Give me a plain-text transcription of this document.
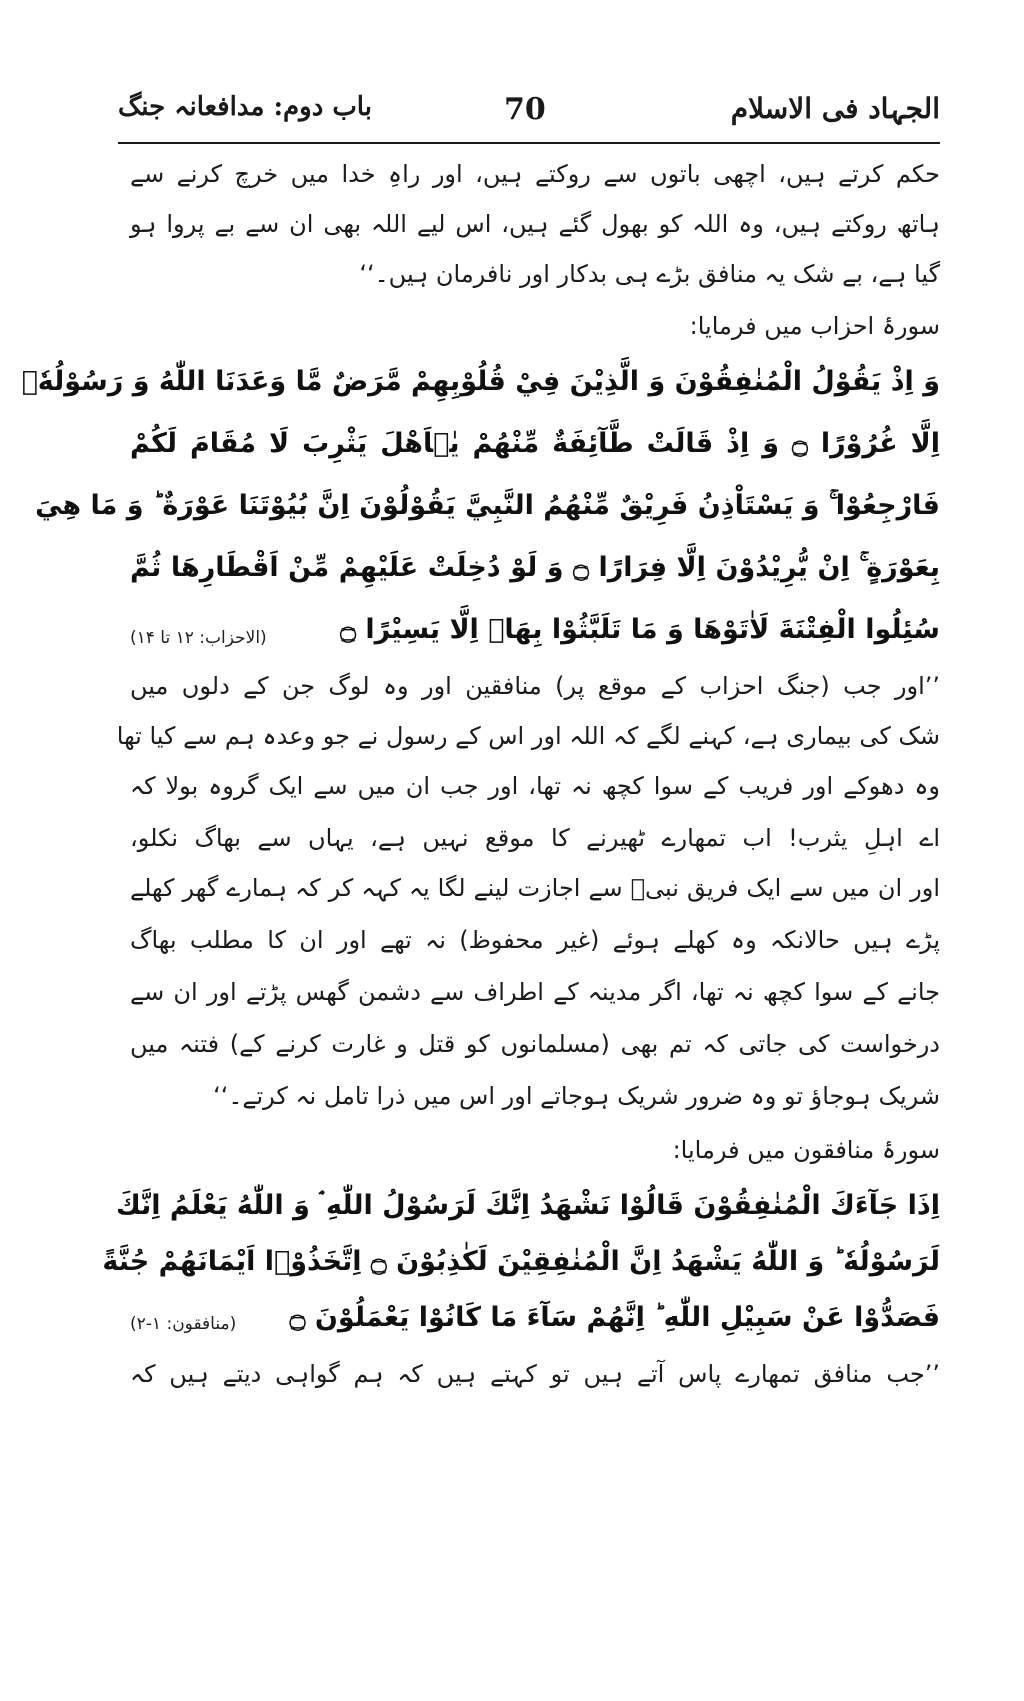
الجہاد فی الاسلام
70
باب دوم: مدافعانہ جنگ
حکم کرتے ہیں، اچھی باتوں سے روکتے ہیں، اور راہِ خدا میں خرچ کرنے سے
ہاتھ روکتے ہیں، وہ اللہ کو بھول گئے ہیں، اس لیے اللہ بھی ان سے بے پروا ہو
گیا ہے، بے شک یہ منافق بڑے ہی بدکار اور نافرمان ہیں۔‘‘
سورۂ احزاب میں فرمایا:
وَ اِذْ يَقُوْلُ الْمُنٰفِقُوْنَ وَ الَّذِيْنَ فِيْ قُلُوْبِهِمْ مَّرَضٌ مَّا وَعَدَنَا اللّٰهُ وَ رَسُوْلُهٗۤ
اِلَّا غُرُوْرًا ۝ وَ اِذْ قَالَتْ طَّآئِفَةٌ مِّنْهُمْ يٰۤاَهْلَ يَثْرِبَ لَا مُقَامَ لَكُمْ
فَارْجِعُوْا ۚ وَ يَسْتَاْذِنُ فَرِيْقٌ مِّنْهُمُ النَّبِيَّ يَقُوْلُوْنَ اِنَّ بُيُوْتَنَا عَوْرَةٌ ؕ وَ مَا هِيَ
بِعَوْرَةٍ ۚ اِنْ يُّرِيْدُوْنَ اِلَّا فِرَارًا ۝ وَ لَوْ دُخِلَتْ عَلَيْهِمْ مِّنْ اَقْطَارِهَا ثُمَّ
سُئِلُوا الْفِتْنَةَ لَاٰتَوْهَا وَ مَا تَلَبَّثُوْا بِهَاۤ اِلَّا يَسِيْرًا ۝
(الاحزاب: ۱۲ تا ۱۴)
’’اور جب (جنگ احزاب کے موقع پر) منافقین اور وہ لوگ جن کے دلوں میں
شک کی بیماری ہے، کہنے لگے کہ اللہ اور اس کے رسول نے جو وعدہ ہم سے کیا تھا
وہ دھوکے اور فریب کے سوا کچھ نہ تھا، اور جب ان میں سے ایک گروہ بولا کہ
اے اہلِ یثرب! اب تمھارے ٹھیرنے کا موقع نہیں ہے، یہاں سے بھاگ نکلو،
اور ان میں سے ایک فریق نبیؐ سے اجازت لینے لگا یہ کہہ کر کہ ہمارے گھر کھلے
پڑے ہیں حالانکہ وہ کھلے ہوئے (غیر محفوظ) نہ تھے اور ان کا مطلب بھاگ
جانے کے سوا کچھ نہ تھا، اگر مدینہ کے اطراف سے دشمن گھس پڑتے اور ان سے
درخواست کی جاتی کہ تم بھی (مسلمانوں کو قتل و غارت کرنے کے) فتنہ میں
شریک ہوجاؤ تو وہ ضرور شریک ہوجاتے اور اس میں ذرا تامل نہ کرتے۔‘‘
سورۂ منافقون میں فرمایا:
اِذَا جَآءَكَ الْمُنٰفِقُوْنَ قَالُوْا نَشْهَدُ اِنَّكَ لَرَسُوْلُ اللّٰهِ ۘ وَ اللّٰهُ يَعْلَمُ اِنَّكَ
لَرَسُوْلُهٗ ؕ وَ اللّٰهُ يَشْهَدُ اِنَّ الْمُنٰفِقِيْنَ لَكٰذِبُوْنَ ۝ اِتَّخَذُوْۤا اَيْمَانَهُمْ جُنَّةً
فَصَدُّوْا عَنْ سَبِيْلِ اللّٰهِ ؕ اِنَّهُمْ سَآءَ مَا كَانُوْا يَعْمَلُوْنَ ۝
(منافقون: ۱-۲)
’’جب منافق تمھارے پاس آتے ہیں تو کہتے ہیں کہ ہم گواہی دیتے ہیں کہ
